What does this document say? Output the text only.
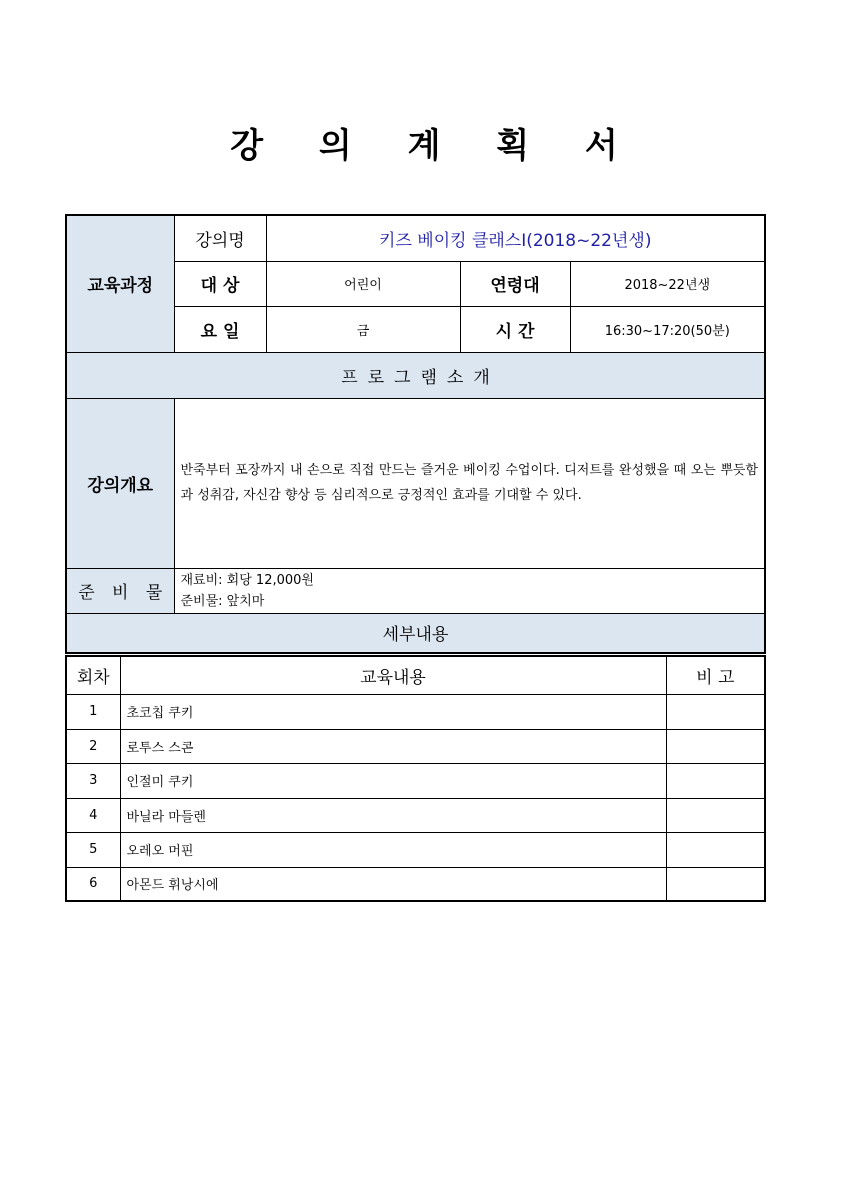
강 의 계 획 서
교육과정	강의명	키즈 베이킹 클래스Ⅰ(2018~22년생)		
	대 상	어린이	연령대	2018~22년생
	요 일	금	시 간	16:30~17:20(50분)
프로그램소개				
강의개요	반죽부터 포장까지 내 손으로 직접 만드는 즐거운 베이킹 수업이다. 디저트를 완성했을 때 오는 뿌듯함과 성취감, 자신감 향상 등 심리적으로 긍정적인 효과를 기대할 수 있다.			
준 비 물	재료비: 회당 12,000원
준비물: 앞치마			

세부내용				
회차	교육내용	비 고
1	초코칩 쿠키	
2	로투스 스콘	
3	인절미 쿠키	
4	바닐라 마들렌	
5	오레오 머핀	
6	아몬드 휘낭시에	
